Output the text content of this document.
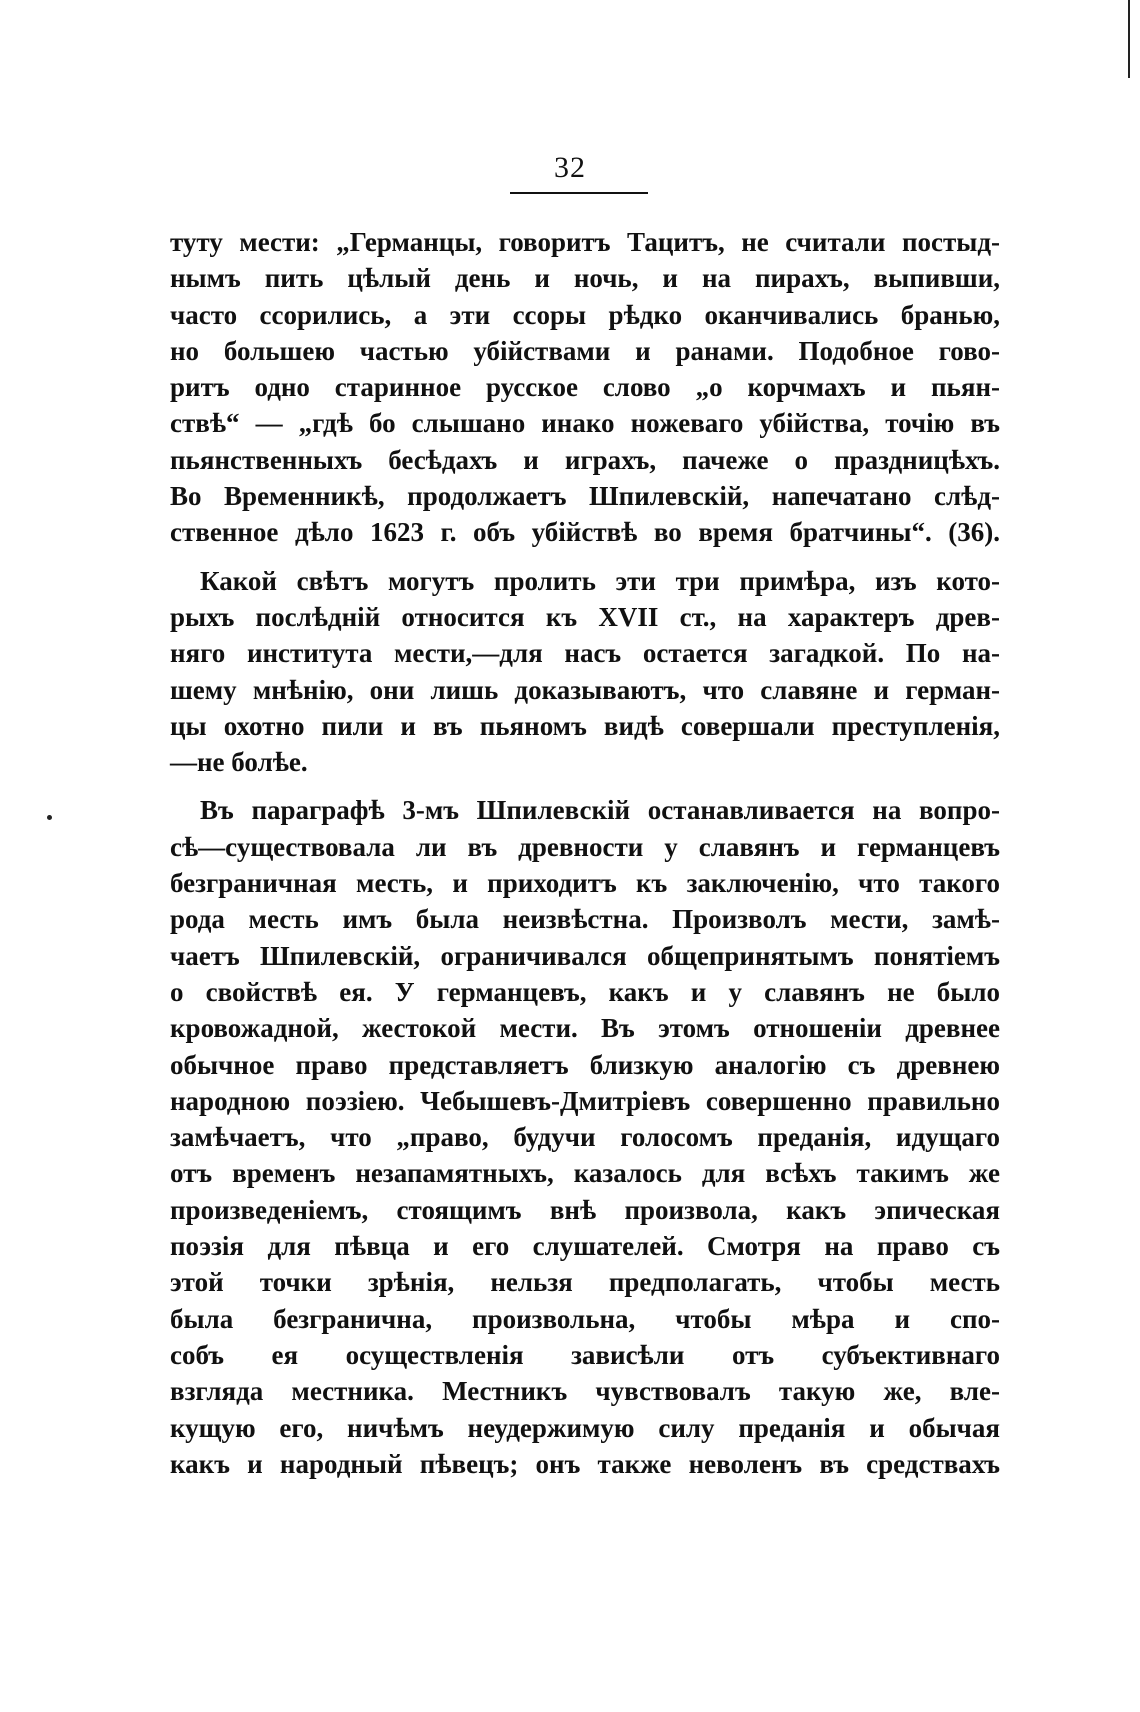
32
туту мести: „Германцы, говоритъ Тацитъ, не считали постыд-
нымъ пить цѣлый день и ночь, и на пирахъ, выпивши,
часто ссорились, а эти ссоры рѣдко оканчивались бранью,
но большею частью убійствами и ранами. Подобное гово-
ритъ одно старинное русское слово „о корчмахъ и пьян-
ствѣ“ — „гдѣ бо слышано инако ножеваго убійства, точію въ
пьянственныхъ бесѣдахъ и играхъ, пачеже о праздницѣхъ.
Во Временникѣ, продолжаетъ Шпилевскій, напечатано слѣд-
ственное дѣло 1623 г. объ убійствѣ во время братчины“. (36).
Какой свѣтъ могутъ пролить эти три примѣра, изъ кото-
рыхъ послѣдній относится къ XVII ст., на характеръ древ-
няго института мести,—для насъ остается загадкой. По на-
шему мнѣнію, они лишь доказываютъ, что славяне и герман-
цы охотно пили и въ пьяномъ видѣ совершали преступленія,
—не болѣе.
Въ параграфѣ 3-мъ Шпилевскій останавливается на вопро-
сѣ—существовала ли въ древности у славянъ и германцевъ
безграничная месть, и приходитъ къ заключенію, что такого
рода месть имъ была неизвѣстна. Произволъ мести, замѣ-
чаетъ Шпилевскій, ограничивался общепринятымъ понятіемъ
о свойствѣ ея. У германцевъ, какъ и у славянъ не было
кровожадной, жестокой мести. Въ этомъ отношеніи древнее
обычное право представляетъ близкую аналогію съ древнею
народною поэзіею. Чебышевъ-Дмитріевъ совершенно правильно
замѣчаетъ, что „право, будучи голосомъ преданія, идущаго
отъ временъ незапамятныхъ, казалось для всѣхъ такимъ же
произведеніемъ, стоящимъ внѣ произвола, какъ эпическая
поэзія для пѣвца и его слушателей. Смотря на право съ
этой точки зрѣнія, нельзя предполагать, чтобы месть
была безгранична, произвольна, чтобы мѣра и спо-
собъ ея осуществленія зависѣли отъ субъективнаго
взгляда местника. Местникъ чувствовалъ такую же, вле-
кущую его, ничѣмъ неудержимую силу преданія и обычая
какъ и народный пѣвецъ; онъ также неволенъ въ средствахъ
